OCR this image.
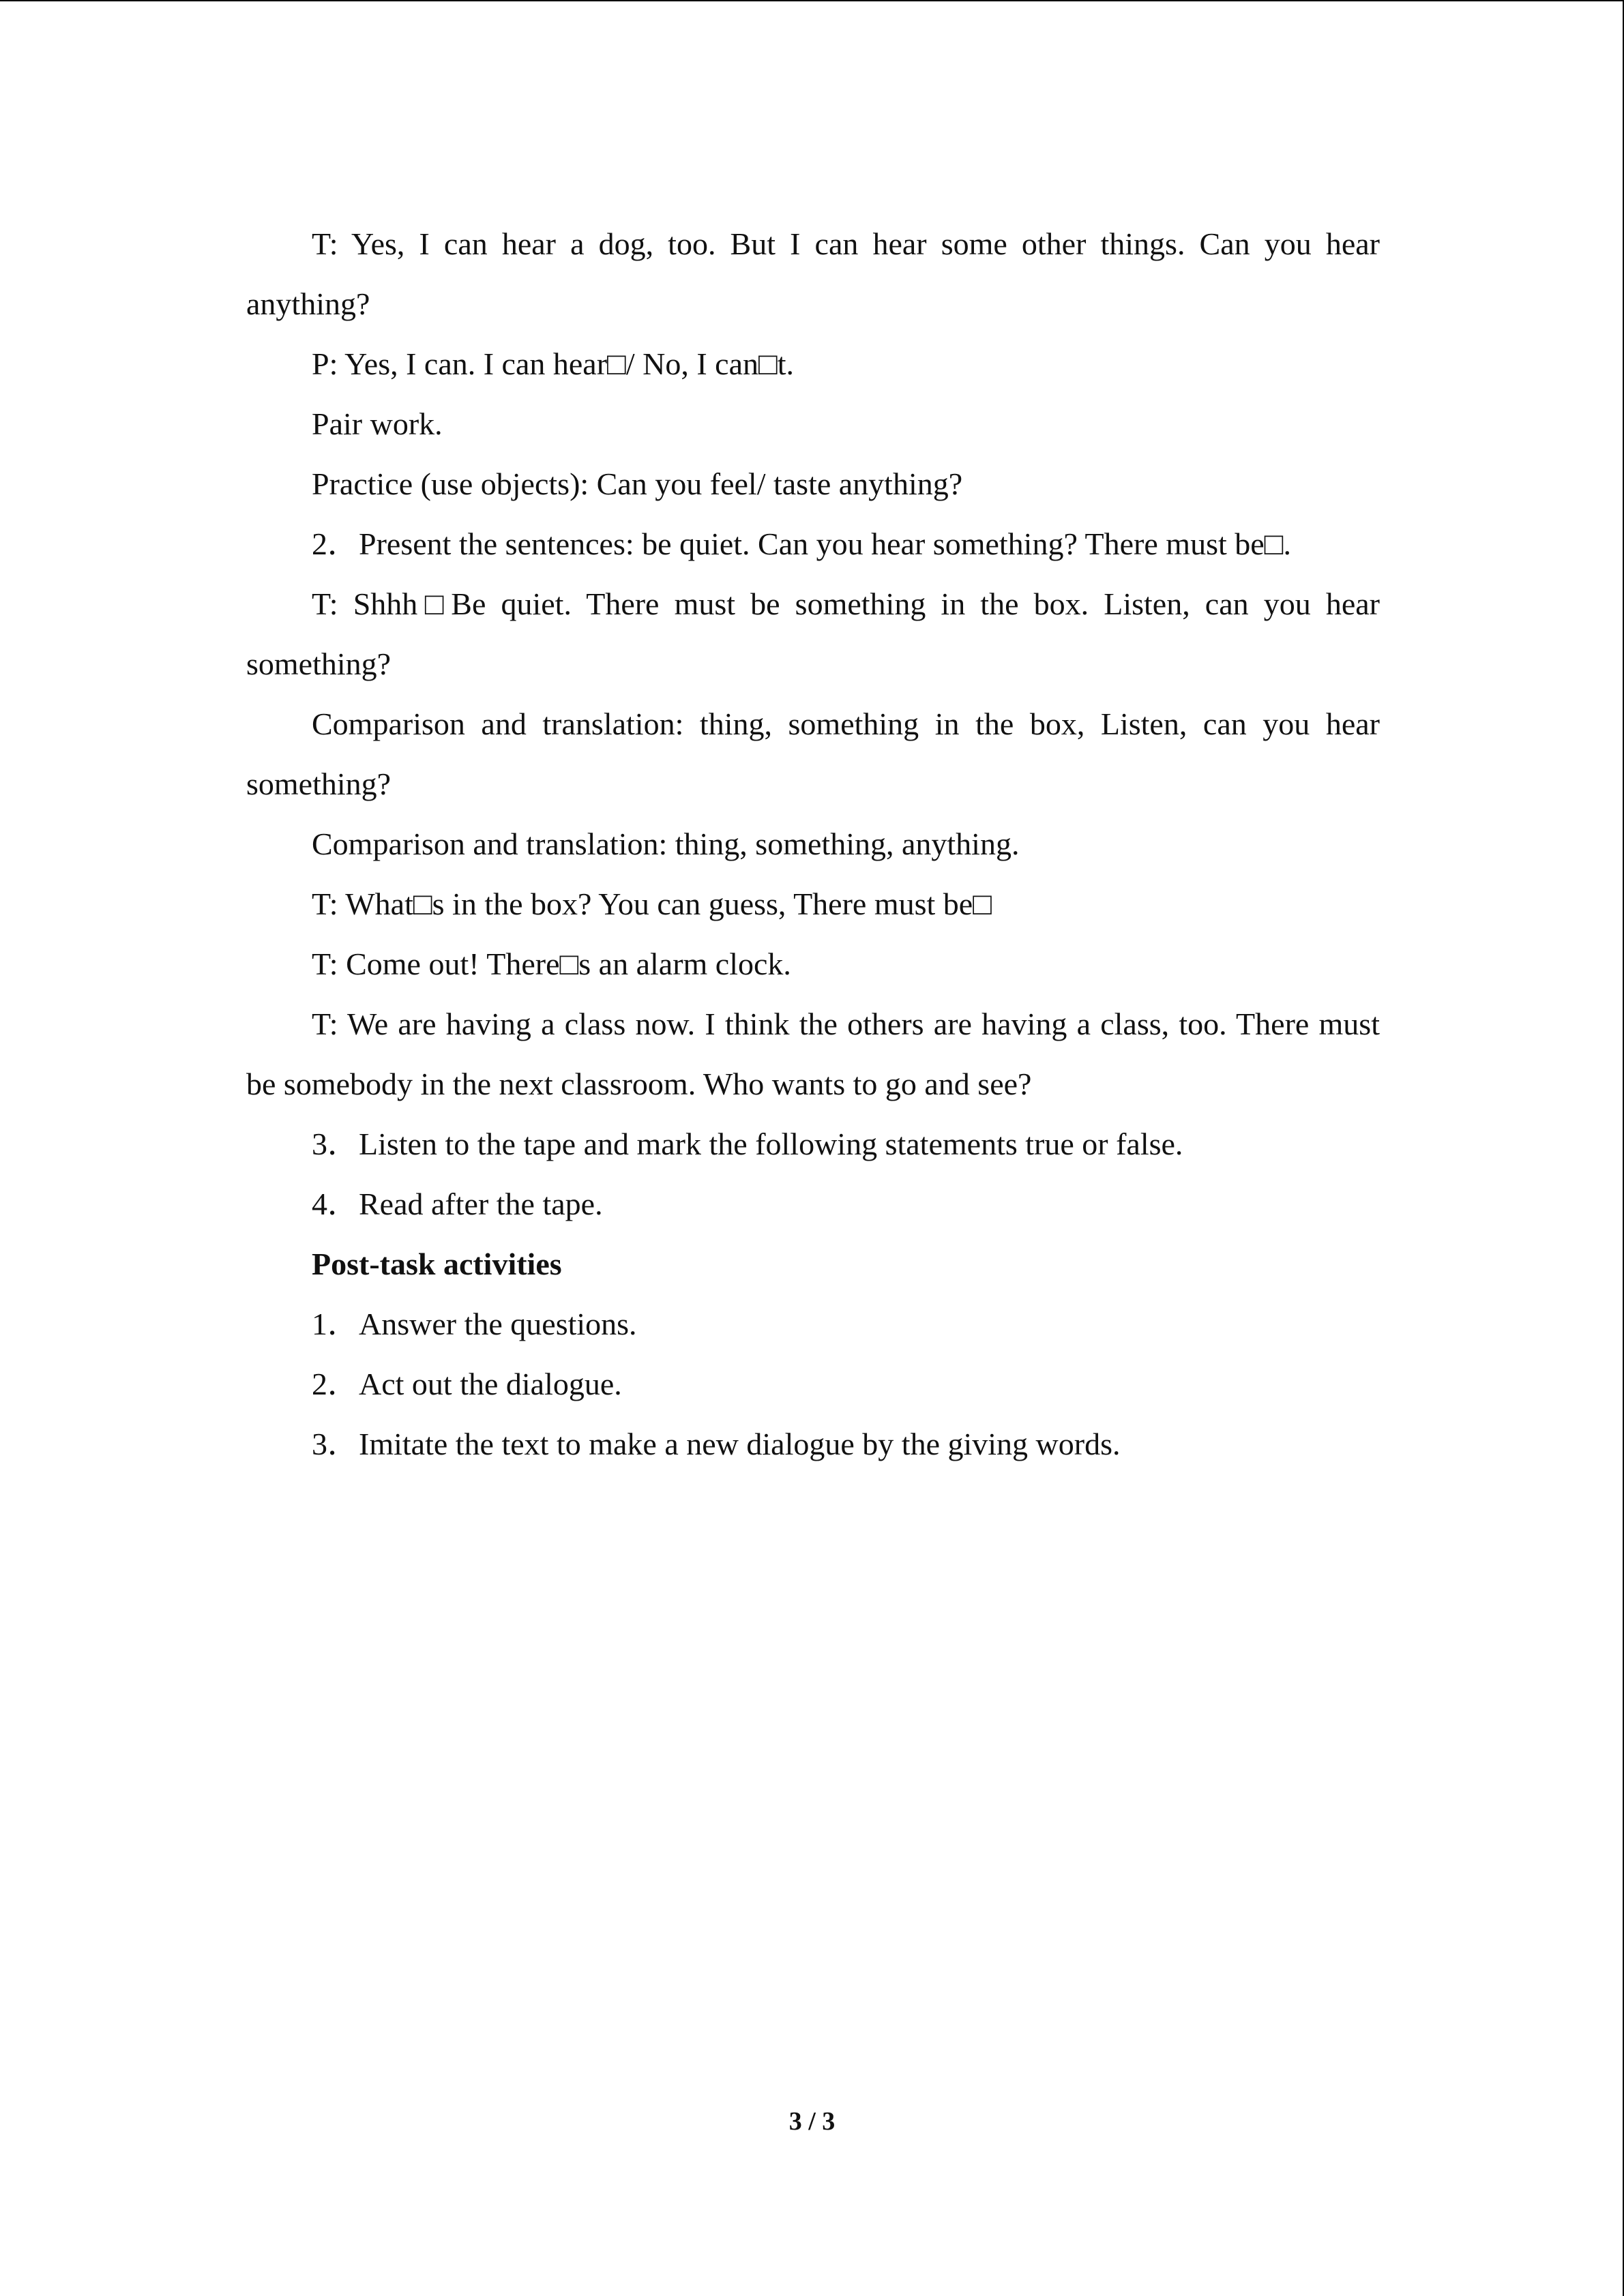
T: Yes, I can hear a dog, too. But I can hear some other things. Can you hear anything?

P: Yes, I can. I can hear□/ No, I can□t.

Pair work.

Practice (use objects): Can you feel/ taste anything?

2．Present the sentences: be quiet. Can you hear something? There must be□.

T: Shhh□Be quiet. There must be something in the box. Listen, can you hear something?

Comparison and translation: thing, something in the box, Listen, can you hear something?

Comparison and translation: thing, something, anything.

T: What□s in the box? You can guess, There must be□

T: Come out! There□s an alarm clock.

T: We are having a class now. I think the others are having a class, too. There must be somebody in the next classroom. Who wants to go and see?

3．Listen to the tape and mark the following statements true or false.

4．Read after the tape.

Post-task activities

1．Answer the questions.

2．Act out the dialogue.

3．Imitate the text to make a new dialogue by the giving words.

3 / 3
